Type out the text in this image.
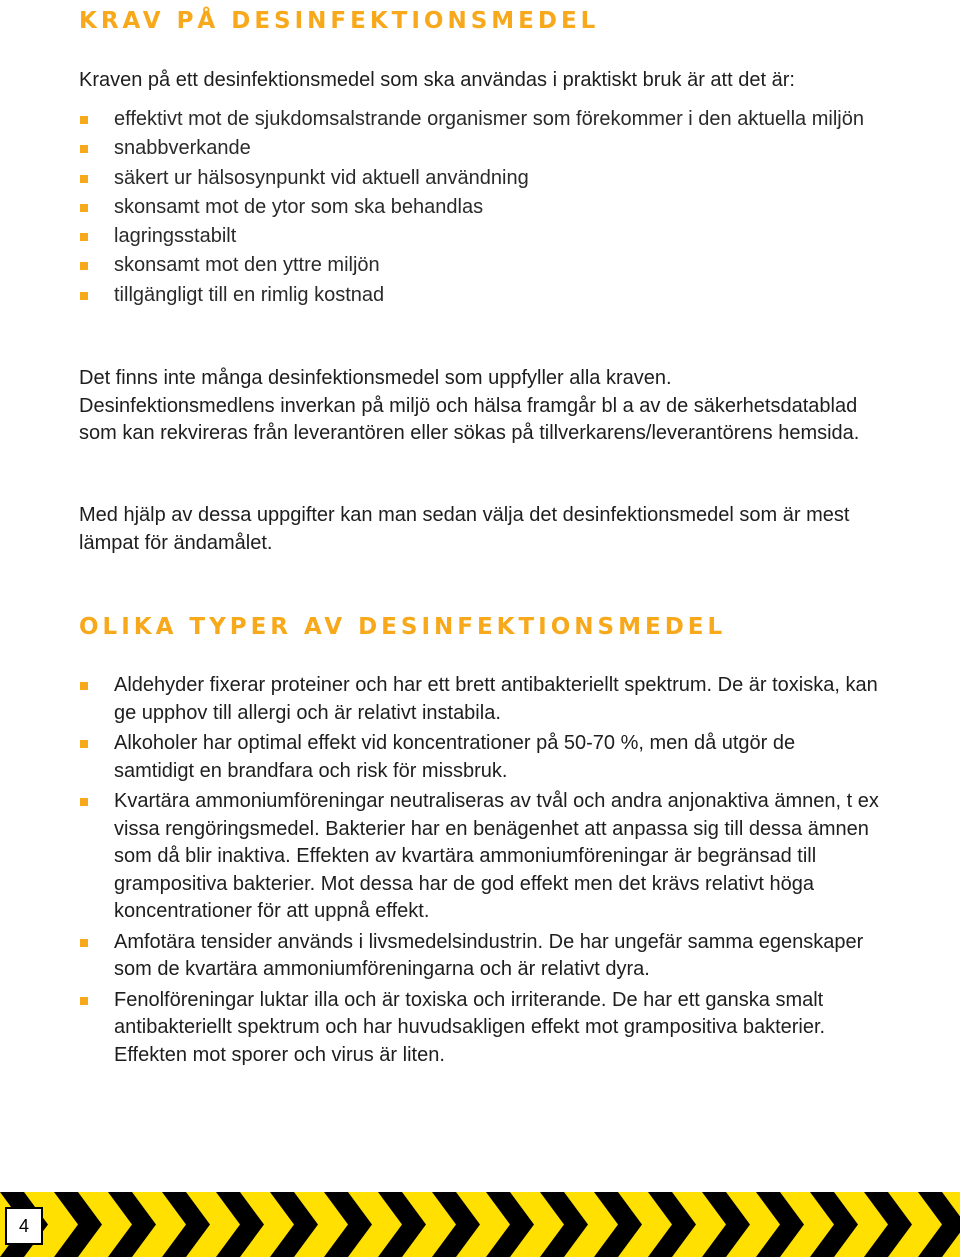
KRAV PÅ DESINFEKTIONSMEDEL

Kraven på ett desinfektionsmedel som ska användas i praktiskt bruk är att det är:

effektivt mot de sjukdomsalstrande organismer som förekommer i den aktuella miljön
snabbverkande
säkert ur hälsosynpunkt vid aktuell användning
skonsamt mot de ytor som ska behandlas
lagringsstabilt
skonsamt mot den yttre miljön
tillgängligt till en rimlig kostnad

Det finns inte många desinfektionsmedel som uppfyller alla kraven. Desinfektionsmedlens inverkan på miljö och hälsa framgår bl a av de säkerhetsdatablad som kan rekvireras från leverantören eller sökas på tillverkarens/leverantörens hemsida.

Med hjälp av dessa uppgifter kan man sedan välja det desinfektionsmedel som är mest lämpat för ändamålet.

OLIKA TYPER AV DESINFEKTIONSMEDEL
Aldehyder fixerar proteiner och har ett brett antibakteriellt spektrum. De är toxiska, kan ge upphov till allergi och är relativt instabila.
Alkoholer har optimal effekt vid koncentrationer på 50-70 %, men då utgör de samtidigt en brandfara och risk för missbruk.
Kvartära ammoniumföreningar neutraliseras av tvål och andra anjonaktiva ämnen, t ex vissa rengöringsmedel. Bakterier har en benägenhet att anpassa sig till dessa ämnen som då blir inaktiva. Effekten av kvartära ammoniumföreningar är begränsad till grampositiva bakterier. Mot dessa har de god effekt men det krävs relativt höga koncentrationer för att uppnå effekt.
Amfotära tensider används i livsmedelsindustrin. De har ungefär samma egenskaper som de kvartära ammoniumföreningarna och är relativt dyra.
Fenolföreningar luktar illa och är toxiska och irriterande. De har ett ganska smalt antibakteriellt spektrum och har huvudsakligen effekt mot grampositiva bakterier. Effekten mot sporer och virus är liten.
4
